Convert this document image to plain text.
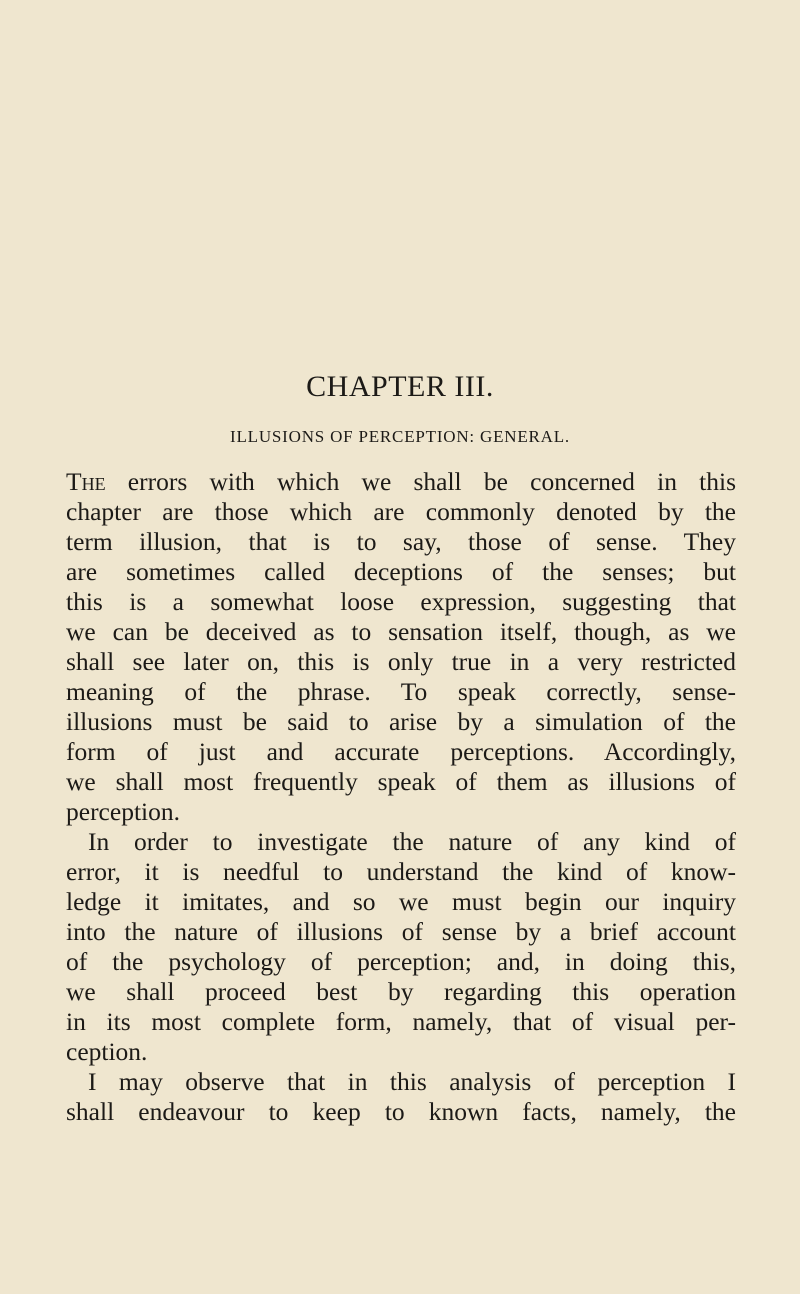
CHAPTER III.
ILLUSIONS OF PERCEPTION: GENERAL.
The errors with which we shall be concerned in this
chapter are those which are commonly denoted by the
term illusion, that is to say, those of sense. They
are sometimes called deceptions of the senses; but
this is a somewhat loose expression, suggesting that
we can be deceived as to sensation itself, though, as we
shall see later on, this is only true in a very restricted
meaning of the phrase. To speak correctly, sense-
illusions must be said to arise by a simulation of the
form of just and accurate perceptions. Accordingly,
we shall most frequently speak of them as illusions of
perception.
In order to investigate the nature of any kind of
error, it is needful to understand the kind of know-
ledge it imitates, and so we must begin our inquiry
into the nature of illusions of sense by a brief account
of the psychology of perception; and, in doing this,
we shall proceed best by regarding this operation
in its most complete form, namely, that of visual per-
ception.
I may observe that in this analysis of perception I
shall endeavour to keep to known facts, namely, the
